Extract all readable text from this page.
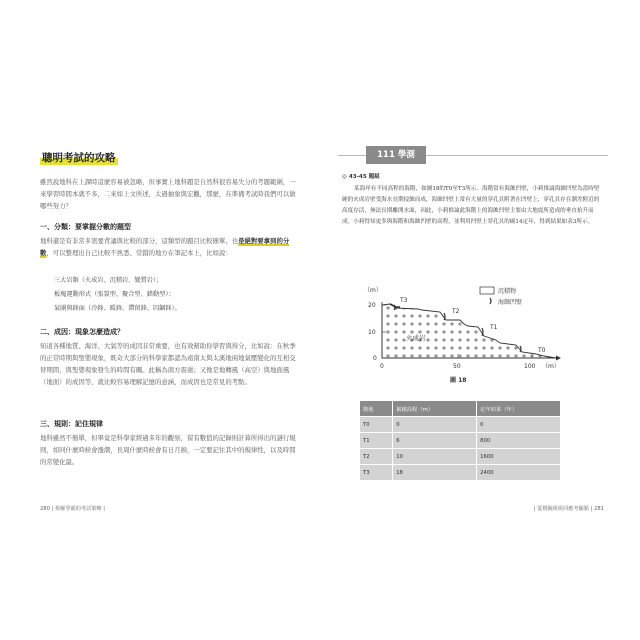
聰明考試的攻略
雖然說地科在上課時這麼容易被忽略，但事實上地科題是自然科很容易失分的考題範圍，一來學習時間本就不多，二來如上文所述，太過抽象與宏觀，那麼，在準備考試時我們可以做哪些努力？
一、分類：要掌握分數的題型
地科還是有非常多需要背誦與比較的部分，這類型的題目比較簡單，也是絕對要拿到的分數，可以整理出自己比較不熟悉、常錯的地方在筆記本上，比如說：
三大岩類（火成岩、沉積岩、變質岩）；
板塊運動形式（張裂型、聚合型、錯動型）；
氣團與鋒面（冷鋒、暖鋒、滯留鋒、囚錮鋒）。
二、成因：現象怎麼造成？
知道各種地質、海洋、大氣等的成因非常重要，也有效幫助你學習與得分，比如說：在秋季的正常時期與聖嬰現象，既奇大部分的科學家都認為遠南太與太溪地兩地氣壓變化的互相交替期間，與聖嬰現象發生的時間有關。此稱為南方震盪；又像是地轉風（高空）與地面風（地面）的成因等，就比較容易理解記憶的意涵，而成因也是常見的考點。
三、規則：記住規律
地科雖然不簡單，但畢竟是科學家經過多年的觀察，留有數值的記錄則計算所得出的謎行規則，如同什麼時候會漲潮，長周什麼時候會有日月蝕，一定要記住其中的規律性，以及時間的常變化最。
280 | 拆解學霸的考試策略 |
111 學測
◎ 43-45 題組
某海岸有不同高程的海階，如圖18的T0至T3所示。海階常有海蝕凹壁，小莉推論海蝕凹壁為當時堅硬的火成岩壁受海水長期侵蝕而成，海蝕凹壁上常有大量的穿孔貝附著在凹壁上，穿孔貝存在潮差附近的高度存活，無法長期離開水面，因此，小莉推論此海階上的海蝕凹壁主要由大地震所造成的垂直抬升而成。小莉得知更多與海階和海蝕凹壁的高程，並利用凹壁上穿孔貝的碳14定年，得到結果如表3所示。
（m）
20
10
0
0	50	100 （m）
火成岩
T3
T2
T1
T0
沉積物
海蝕凹壁
圖 18
階地	累積高程（m）	定年結果（年）
T0	0	0
T1	6	800
T2	10	1600
T3	18	2400
| 從模擬組組回應考驗點 | 281
